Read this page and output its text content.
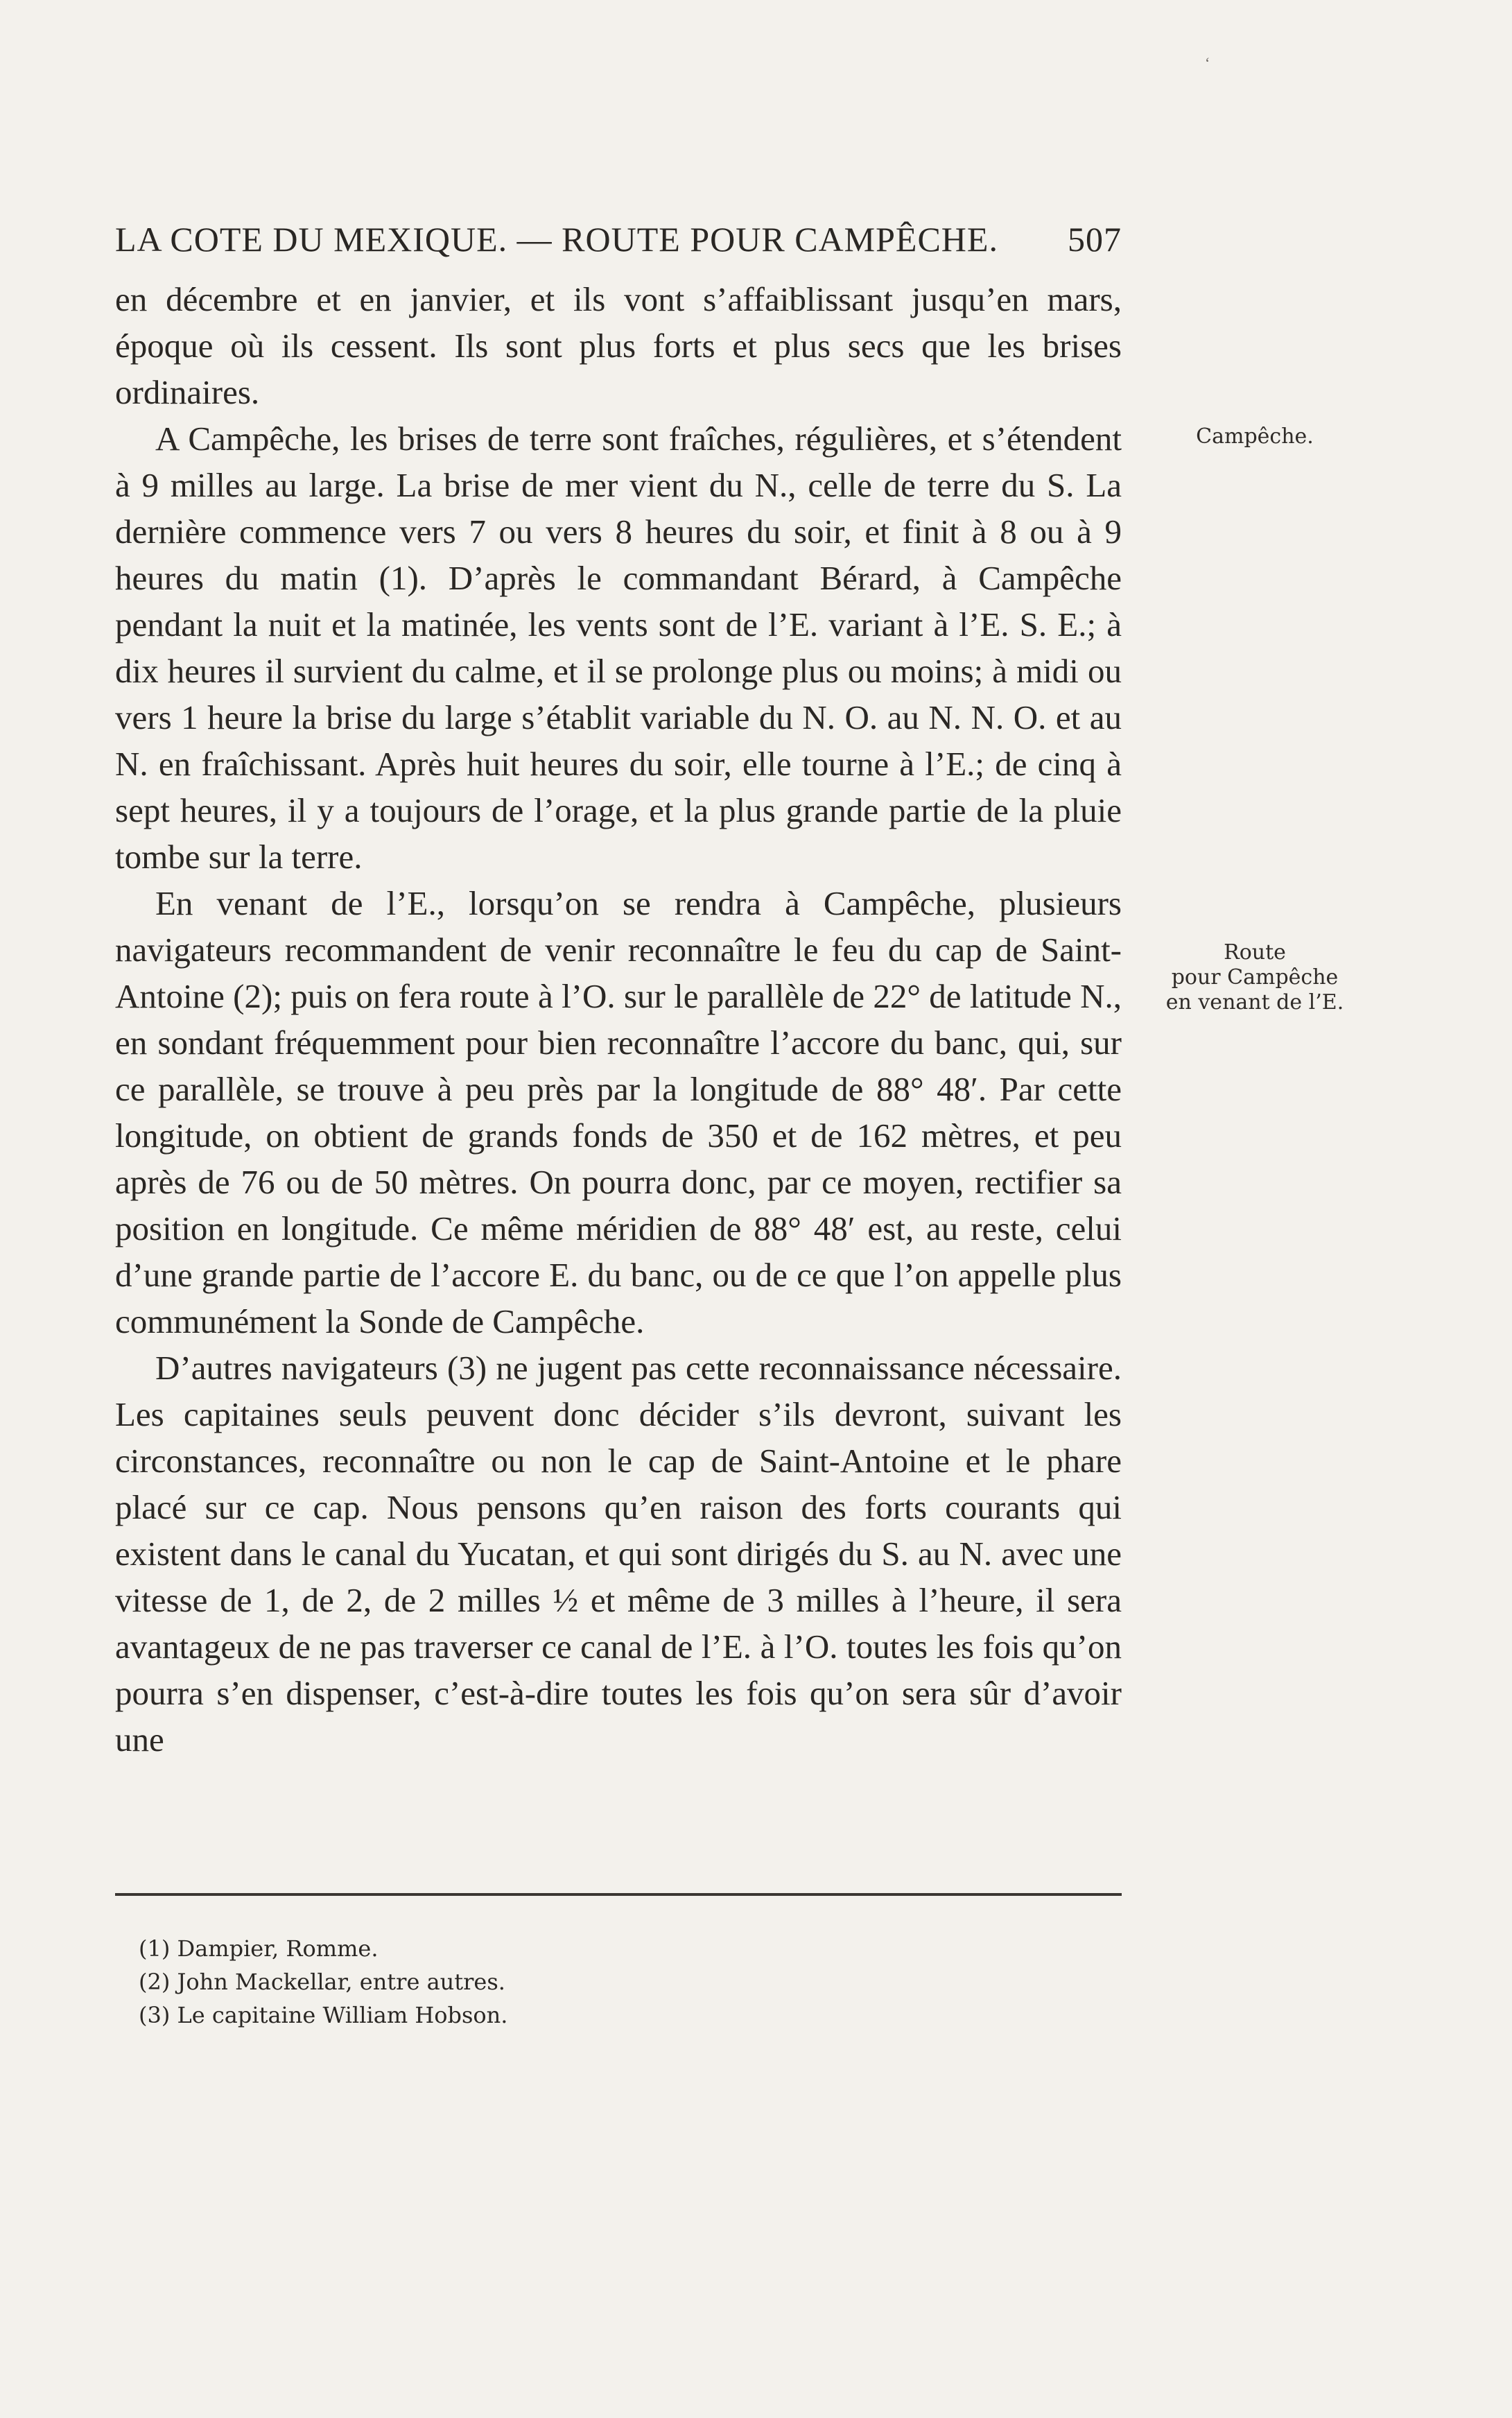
ʻ
LA COTE DU MEXIQUE. — ROUTE POUR CAMPÊCHE. 507

en décembre et en janvier, et ils vont s’affaiblissant jusqu’en mars, époque où ils cessent. Ils sont plus forts et plus secs que les brises ordinaires.

A Campêche, les brises de terre sont fraîches, régulières, et s’étendent à 9 milles au large. La brise de mer vient du N., celle de terre du S. La dernière commence vers 7 ou vers 8 heures du soir, et finit à 8 ou à 9 heures du matin (1). D’après le commandant Bérard, à Campêche pendant la nuit et la matinée, les vents sont de l’E. variant à l’E. S. E.; à dix heures il survient du calme, et il se prolonge plus ou moins; à midi ou vers 1 heure la brise du large s’établit variable du N. O. au N. N. O. et au N. en fraîchissant. Après huit heures du soir, elle tourne à l’E.; de cinq à sept heures, il y a toujours de l’orage, et la plus grande partie de la pluie tombe sur la terre.

En venant de l’E., lorsqu’on se rendra à Campêche, plusieurs navigateurs recommandent de venir reconnaître le feu du cap de Saint-Antoine (2); puis on fera route à l’O. sur le parallèle de 22° de latitude N., en sondant fréquemment pour bien reconnaître l’accore du banc, qui, sur ce parallèle, se trouve à peu près par la longitude de 88° 48′. Par cette longitude, on obtient de grands fonds de 350 et de 162 mètres, et peu après de 76 ou de 50 mètres. On pourra donc, par ce moyen, rectifier sa position en longitude. Ce même méridien de 88° 48′ est, au reste, celui d’une grande partie de l’accore E. du banc, ou de ce que l’on appelle plus communément la Sonde de Campêche.

D’autres navigateurs (3) ne jugent pas cette reconnaissance nécessaire. Les capitaines seuls peuvent donc décider s’ils devront, suivant les circonstances, reconnaître ou non le cap de Saint-Antoine et le phare placé sur ce cap. Nous pensons qu’en raison des forts courants qui existent dans le canal du Yucatan, et qui sont dirigés du S. au N. avec une vitesse de 1, de 2, de 2 milles ½ et même de 3 milles à l’heure, il sera avantageux de ne pas traverser ce canal de l’E. à l’O. toutes les fois qu’on pourra s’en dispenser, c’est-à-dire toutes les fois qu’on sera sûr d’avoir une

Campêche.
Route
pour Campêche
en venant de l’E.

(1) Dampier, Romme.

(2) John Mackellar, entre autres.

(3) Le capitaine William Hobson.
